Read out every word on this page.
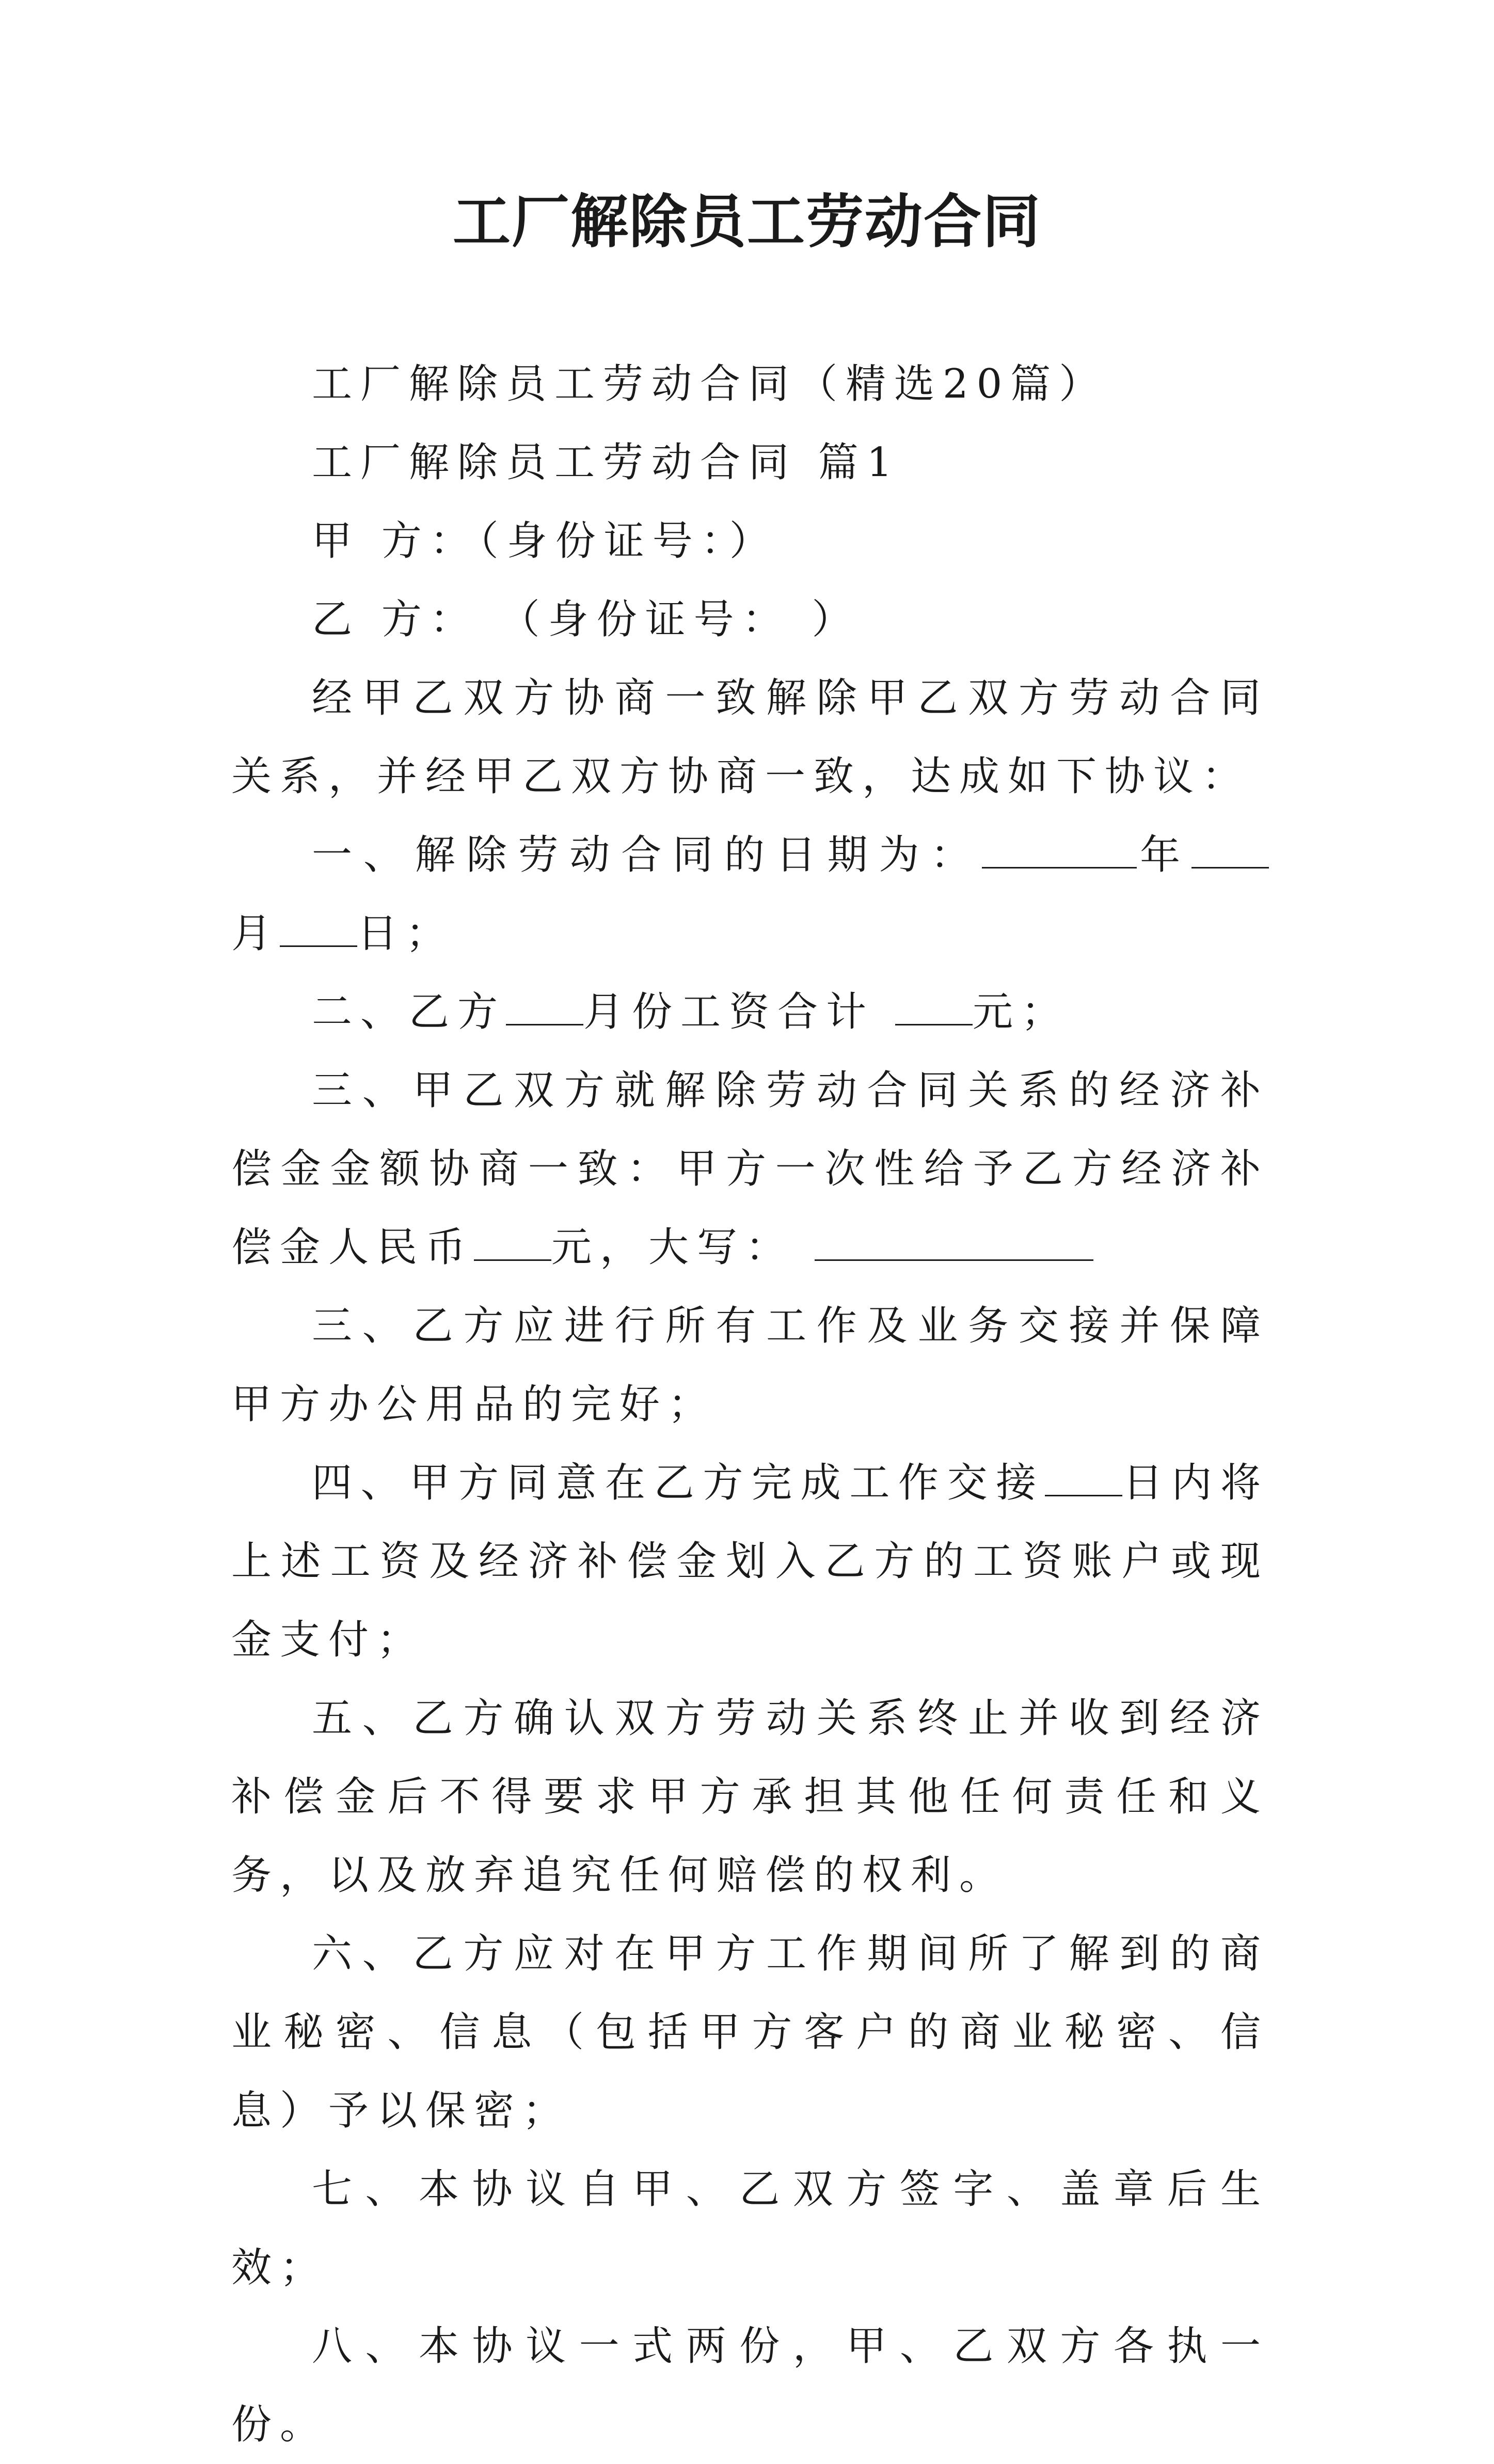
工厂解除员工劳动合同

工厂解除员工劳动合同（精选20篇）

工厂解除员工劳动合同 篇1

甲 方：（身份证号：）

乙 方： （身份证号： ）

经甲乙双方协商一致解除甲乙双方劳动合同关系，并经甲乙双方协商一致，达成如下协议：

一、解除劳动合同的日期为：	年月 日；

二、乙方 月份工资合计 元；

三、甲乙双方就解除劳动合同关系的经济补偿金金额协商一致：甲方一次性给予乙方经济补偿金人民币 元，大写：

三、乙方应进行所有工作及业务交接并保障甲方办公用品的完好；

四、甲方同意在乙方完成工作交接 日内将上述工资及经济补偿金划入乙方的工资账户或现金支付；

五、乙方确认双方劳动关系终止并收到经济补偿金后不得要求甲方承担其他任何责任和义务，以及放弃追究任何赔偿的权利。

六、乙方应对在甲方工作期间所了解到的商业秘密、信息（包括甲方客户的商业秘密、信息）予以保密；

七、本协议自甲、乙双方签字、盖章后生效；

八、本协议一式两份，甲、乙双方各执一份。
